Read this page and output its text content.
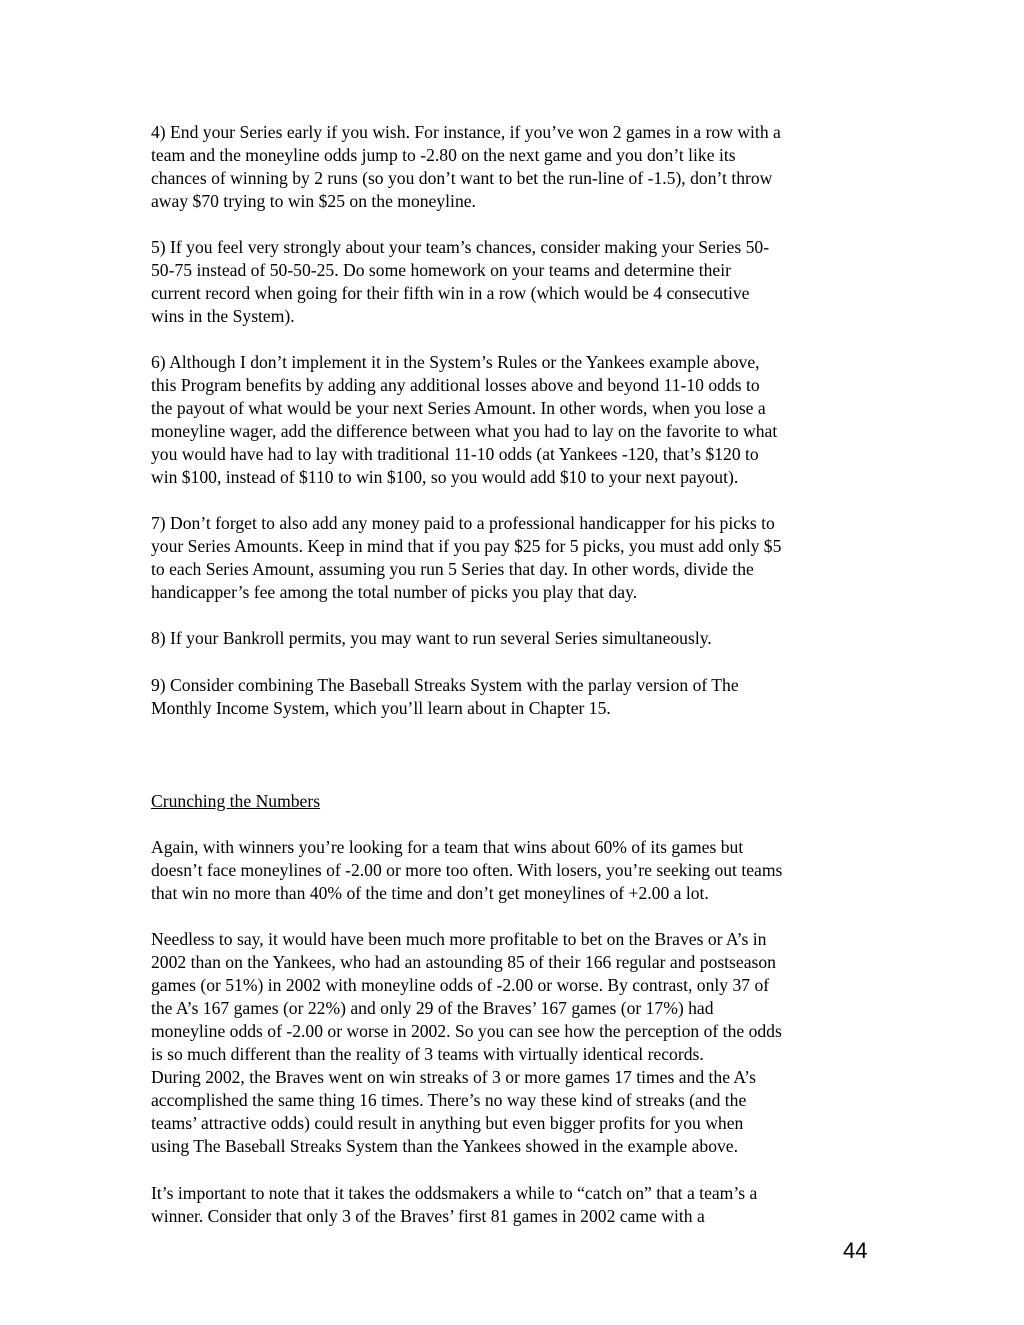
4) End your Series early if you wish. For instance, if you’ve won 2 games in a row with a
team and the moneyline odds jump to -2.80 on the next game and you don’t like its
chances of winning by 2 runs (so you don’t want to bet the run-line of -1.5), don’t throw
away $70 trying to win $25 on the moneyline.
5) If you feel very strongly about your team’s chances, consider making your Series 50-
50-75 instead of 50-50-25. Do some homework on your teams and determine their
current record when going for their fifth win in a row (which would be 4 consecutive
wins in the System).
6) Although I don’t implement it in the System’s Rules or the Yankees example above,
this Program benefits by adding any additional losses above and beyond 11-10 odds to
the payout of what would be your next Series Amount. In other words, when you lose a
moneyline wager, add the difference between what you had to lay on the favorite to what
you would have had to lay with traditional 11-10 odds (at Yankees -120, that’s $120 to
win $100, instead of $110 to win $100, so you would add $10 to your next payout).
7) Don’t forget to also add any money paid to a professional handicapper for his picks to
your Series Amounts. Keep in mind that if you pay $25 for 5 picks, you must add only $5
to each Series Amount, assuming you run 5 Series that day. In other words, divide the
handicapper’s fee among the total number of picks you play that day.
8) If your Bankroll permits, you may want to run several Series simultaneously.
9) Consider combining The Baseball Streaks System with the parlay version of The
Monthly Income System, which you’ll learn about in Chapter 15.
Crunching the Numbers
Again, with winners you’re looking for a team that wins about 60% of its games but
doesn’t face moneylines of -2.00 or more too often. With losers, you’re seeking out teams
that win no more than 40% of the time and don’t get moneylines of +2.00 a lot.
Needless to say, it would have been much more profitable to bet on the Braves or A’s in
2002 than on the Yankees, who had an astounding 85 of their 166 regular and postseason
games (or 51%) in 2002 with moneyline odds of -2.00 or worse. By contrast, only 37 of
the A’s 167 games (or 22%) and only 29 of the Braves’ 167 games (or 17%) had
moneyline odds of -2.00 or worse in 2002. So you can see how the perception of the odds
is so much different than the reality of 3 teams with virtually identical records.
During 2002, the Braves went on win streaks of 3 or more games 17 times and the A’s
accomplished the same thing 16 times. There’s no way these kind of streaks (and the
teams’ attractive odds) could result in anything but even bigger profits for you when
using The Baseball Streaks System than the Yankees showed in the example above.
It’s important to note that it takes the oddsmakers a while to “catch on” that a team’s a
winner. Consider that only 3 of the Braves’ first 81 games in 2002 came with a
44
